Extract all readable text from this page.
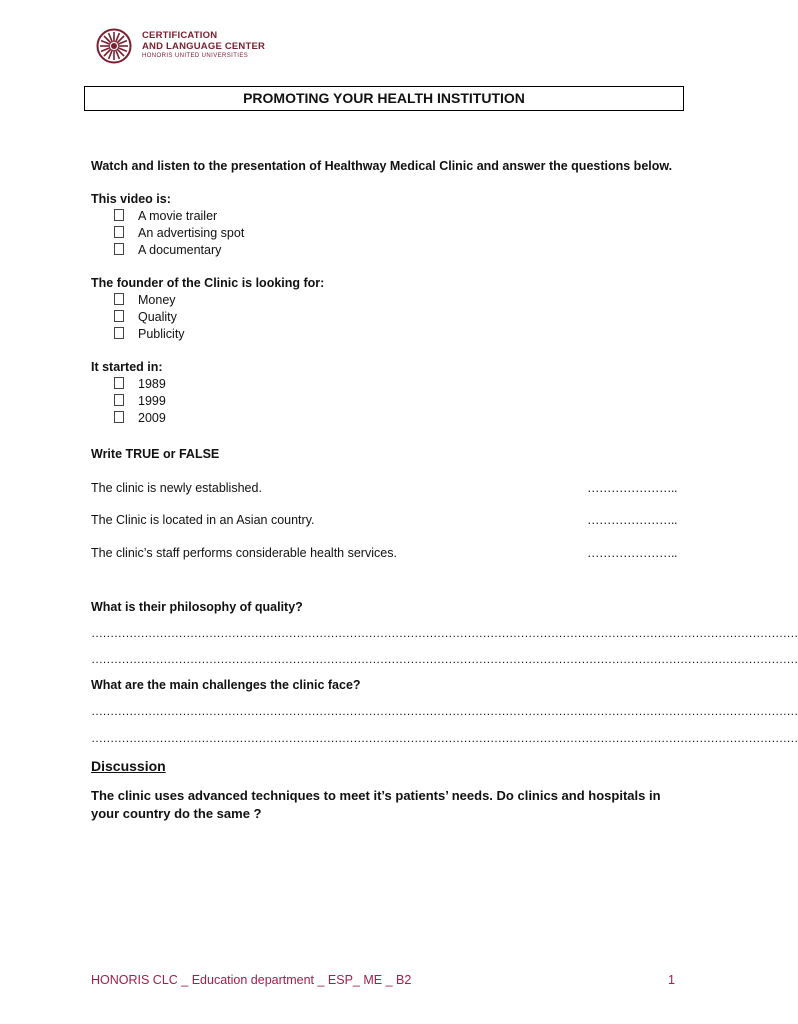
CERTIFICATION
AND LANGUAGE CENTER
HONORIS UNITED UNIVERSITIES
PROMOTING YOUR HEALTH INSTITUTION
Watch and listen to the presentation of Healthway Medical Clinic and answer the questions below.
This video is:
A movie trailer
An advertising spot
A documentary
The founder of the Clinic is looking for:
Money
Quality
Publicity
It started in:
1989
1999
2009
Write TRUE or FALSE
The clinic is newly established.	…………………..
The Clinic is located in an Asian country.	…………………..
The clinic’s staff performs considerable health services.	…………………..
What is their philosophy of quality?
……………………………………………………………………………………………………………………………………………………………………
……………………………………………………………………………………………………………………………………………………………………
What are the main challenges the clinic face?
……………………………………………………………………………………………………………………………………………………………………
……………………………………………………………………………………………………………………………………………………………………
Discussion
The clinic uses advanced techniques to meet it’s patients’ needs. Do clinics and hospitals in your country do the same ?
HONORIS CLC _ Education department _ ESP_ ME _ B2	1
